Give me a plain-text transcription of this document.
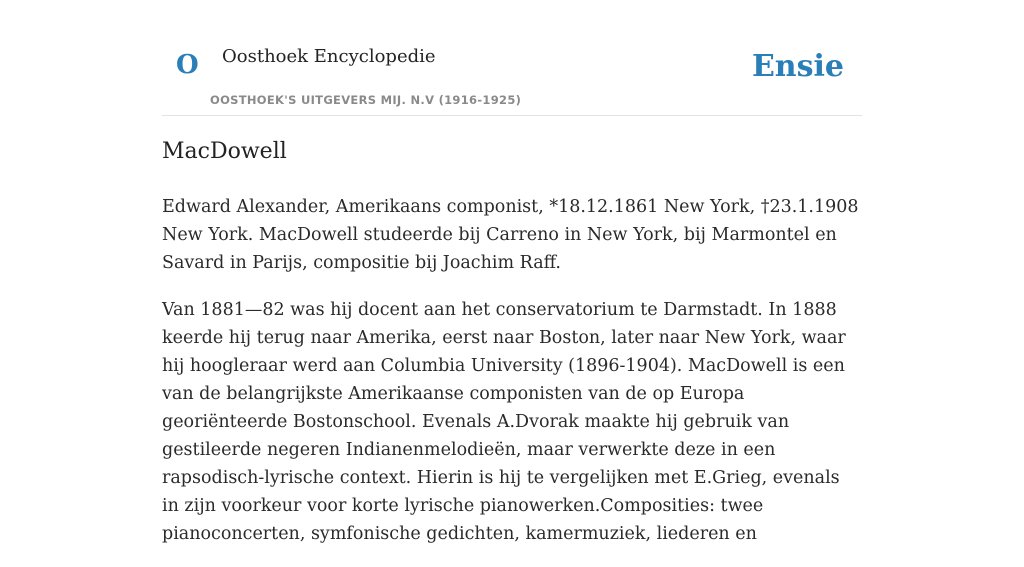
O Oosthoek Encyclopedie
OOSTHOEK'S UITGEVERS MIJ. N.V (1916-1925)
Ensie
MacDowell

Edward Alexander, Amerikaans componist, *18.12.1861 New York, †23.1.1908 New York. MacDowell studeerde bij Carreno in New York, bij Marmontel en Savard in Parijs, compositie bij Joachim Raff.

Van 1881—82 was hij docent aan het conservatorium te Darmstadt. In 1888 keerde hij terug naar Amerika, eerst naar Boston, later naar New York, waar hij hoogleraar werd aan Columbia University (1896-1904). MacDowell is een van de belangrijkste Amerikaanse componisten van de op Europa georiënteerde Bostonschool. Evenals A.Dvorak maakte hij gebruik van gestileerde negeren Indianenmelodieën, maar verwerkte deze in een rapsodisch-lyrische context. Hierin is hij te vergelijken met E.Grieg, evenals in zijn voorkeur voor korte lyrische pianowerken.Composities: twee pianoconcerten, symfonische gedichten, kamermuziek, liederen en
